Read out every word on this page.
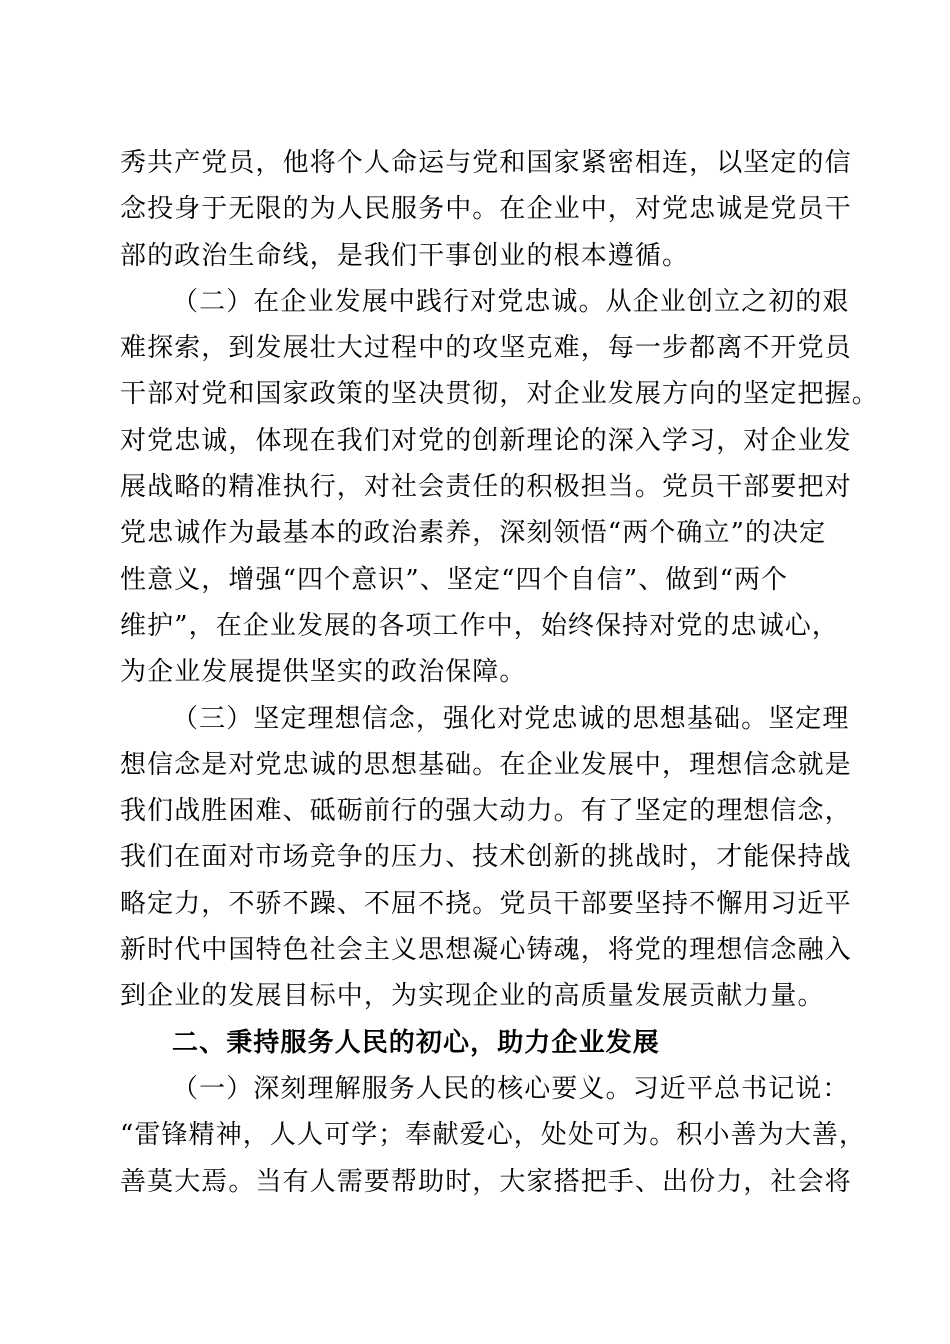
秀共产党员，他将个人命运与党和国家紧密相连，以坚定的信
念投身于无限的为人民服务中。在企业中，对党忠诚是党员干
部的政治生命线，是我们干事创业的根本遵循。
（二）在企业发展中践行对党忠诚。从企业创立之初的艰
难探索，到发展壮大过程中的攻坚克难，每一步都离不开党员
干部对党和国家政策的坚决贯彻，对企业发展方向的坚定把握。
对党忠诚，体现在我们对党的创新理论的深入学习，对企业发
展战略的精准执行，对社会责任的积极担当。党员干部要把对
党忠诚作为最基本的政治素养，深刻领悟“两个确立”的决定
性意义，增强“四个意识”、坚定“四个自信”、做到“两个
维护”，在企业发展的各项工作中，始终保持对党的忠诚心，
为企业发展提供坚实的政治保障。
（三）坚定理想信念，强化对党忠诚的思想基础。坚定理
想信念是对党忠诚的思想基础。在企业发展中，理想信念就是
我们战胜困难、砥砺前行的强大动力。有了坚定的理想信念，
我们在面对市场竞争的压力、技术创新的挑战时，才能保持战
略定力，不骄不躁、不屈不挠。党员干部要坚持不懈用习近平
新时代中国特色社会主义思想凝心铸魂，将党的理想信念融入
到企业的发展目标中，为实现企业的高质量发展贡献力量。
二、秉持服务人民的初心，助力企业发展
（一）深刻理解服务人民的核心要义。习近平总书记说：
“雷锋精神，人人可学；奉献爱心，处处可为。积小善为大善，
善莫大焉。当有人需要帮助时，大家搭把手、出份力，社会将
